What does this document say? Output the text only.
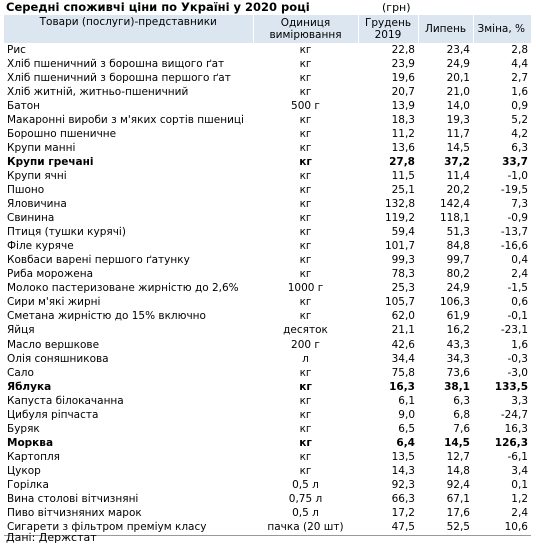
Середні споживчі ціни по Україні у 2020 році	(грн)
Товари (послуги)-представники	Одиниця вимірювання	Грудень 2019	Липень	Зміна, %
Рис	кг	22,8	23,4	2,8
Хліб пшеничний з борошна вищого ґат	кг	23,9	24,9	4,4
Хліб пшеничний з борошна першого ґат	кг	19,6	20,1	2,7
Хліб житній, житньо-пшеничний	кг	20,7	21,0	1,6
Батон	500 г	13,9	14,0	0,9
Макаронні вироби з м'яких сортів пшениці	кг	18,3	19,3	5,2
Борошно пшеничне	кг	11,2	11,7	4,2
Крупи манні	кг	13,6	14,5	6,3
Крупи гречані	кг	27,8	37,2	33,7
Крупи ячні	кг	11,5	11,4	-1,0
Пшоно	кг	25,1	20,2	-19,5
Яловичина	кг	132,8	142,4	7,3
Свинина	кг	119,2	118,1	-0,9
Птиця (тушки курячі)	кг	59,4	51,3	-13,7
Філе куряче	кг	101,7	84,8	-16,6
Ковбаси варені першого ґатунку	кг	99,3	99,7	0,4
Риба морожена	кг	78,3	80,2	2,4
Молоко пастеризоване жирністю до 2,6%	1000 г	25,3	24,9	-1,5
Сири м'які жирні	кг	105,7	106,3	0,6
Сметана жирністю до 15% включно	кг	62,0	61,9	-0,1
Яйця	десяток	21,1	16,2	-23,1
Масло вершкове	200 г	42,6	43,3	1,6
Олія соняшникова	л	34,4	34,3	-0,3
Сало	кг	75,8	73,6	-3,0
Яблука	кг	16,3	38,1	133,5
Капуста білокачанна	кг	6,1	6,3	3,3
Цибуля ріпчаста	кг	9,0	6,8	-24,7
Буряк	кг	6,5	7,6	16,3
Морква	кг	6,4	14,5	126,3
Картопля	кг	13,5	12,7	-6,1
Цукор	кг	14,3	14,8	3,4
Горілка	0,5 л	92,3	92,4	0,1
Вина столові вітчизняні	0,75 л	66,3	67,1	1,2
Пиво вітчизняних марок	0,5 л	17,2	17,6	2,4
Сигарети з фільтром преміум класу	пачка (20 шт)	47,5	52,5	10,6
Дані: Держстат
